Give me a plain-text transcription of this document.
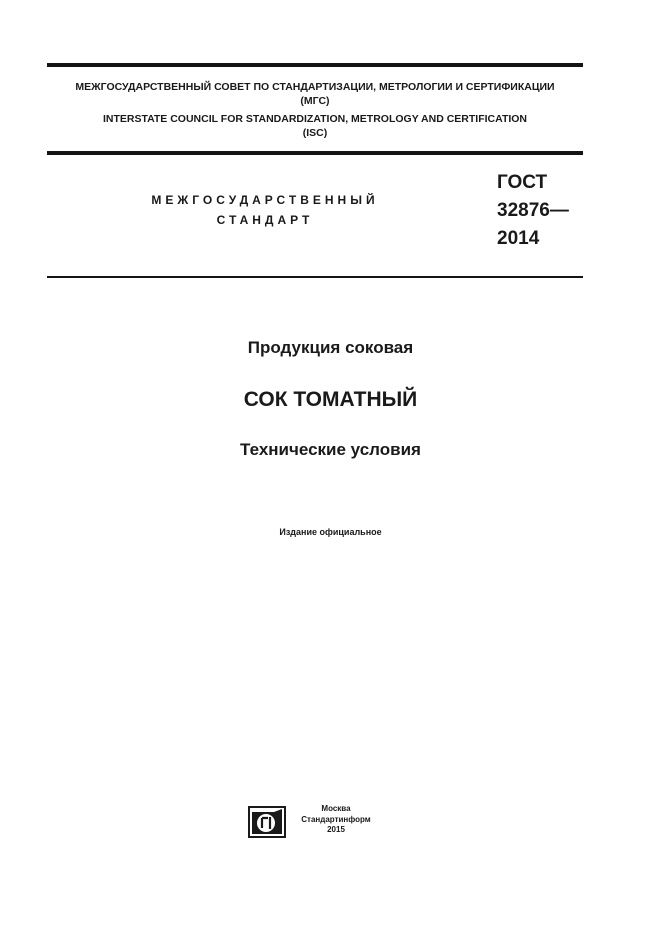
МЕЖГОСУДАРСТВЕННЫЙ СОВЕТ ПО СТАНДАРТИЗАЦИИ, МЕТРОЛОГИИ И СЕРТИФИКАЦИИ
(МГС)
INTERSTATE COUNCIL FOR STANDARDIZATION, METROLOGY AND CERTIFICATION
(ISC)
МЕЖГОСУДАРСТВЕННЫЙ
СТАНДАРТ
ГОСТ
32876—
2014
Продукция соковая
СОК ТОМАТНЫЙ
Технические условия
Издание официальное
Москва
Стандартинформ
2015
